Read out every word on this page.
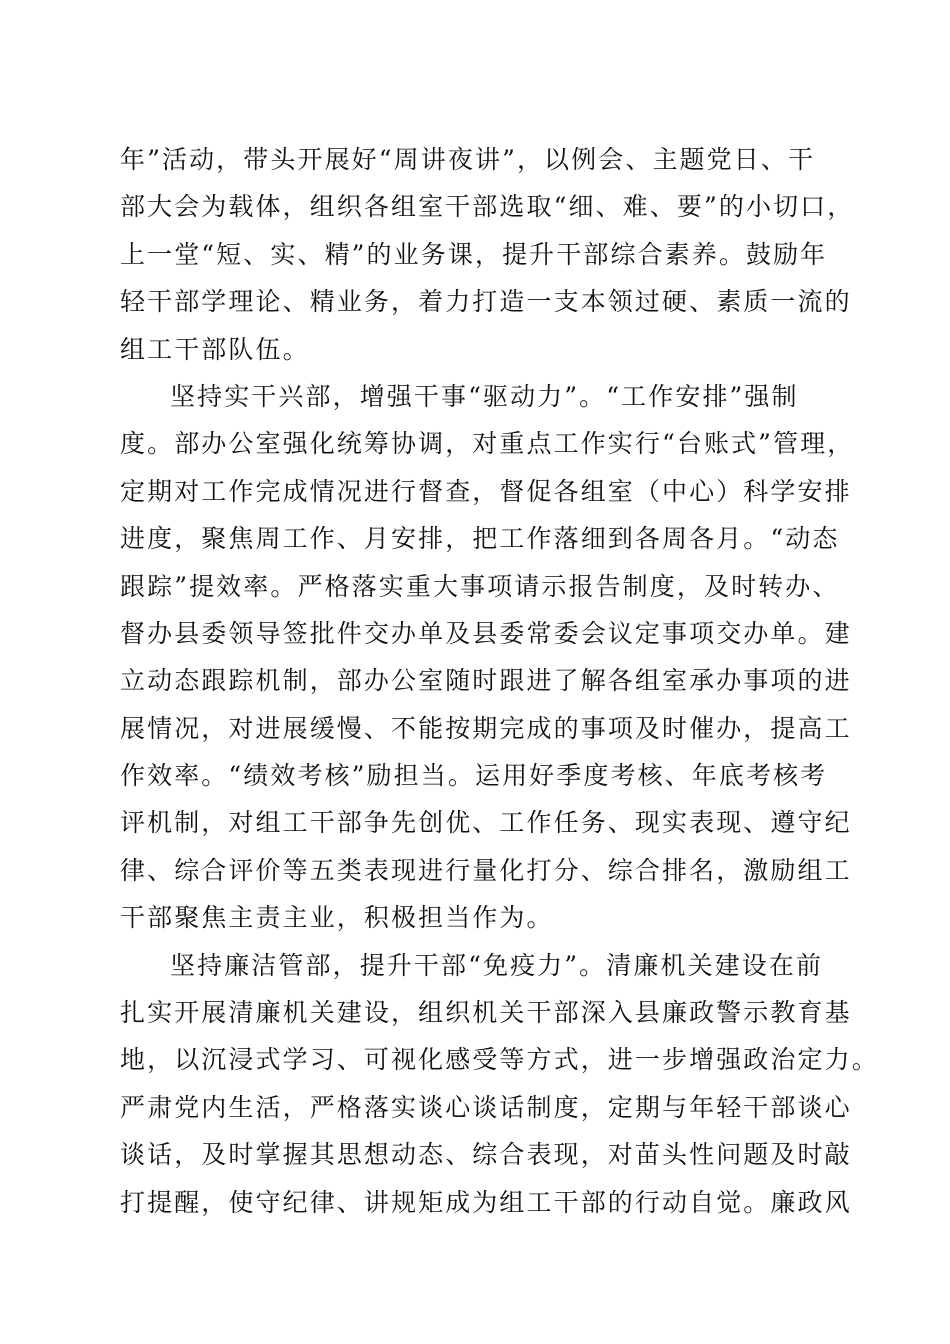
年”活动，带头开展好“周讲夜讲”，以例会、主题党日、干
部大会为载体，组织各组室干部选取“细、难、要”的小切口，
上一堂“短、实、精”的业务课，提升干部综合素养。鼓励年
轻干部学理论、精业务，着力打造一支本领过硬、素质一流的
组工干部队伍。
坚持实干兴部，增强干事“驱动力”。“工作安排”强制
度。部办公室强化统筹协调，对重点工作实行“台账式”管理，
定期对工作完成情况进行督查，督促各组室（中心）科学安排
进度，聚焦周工作、月安排，把工作落细到各周各月。“动态
跟踪”提效率。严格落实重大事项请示报告制度，及时转办、
督办县委领导签批件交办单及县委常委会议定事项交办单。建
立动态跟踪机制，部办公室随时跟进了解各组室承办事项的进
展情况，对进展缓慢、不能按期完成的事项及时催办，提高工
作效率。“绩效考核”励担当。运用好季度考核、年底考核考
评机制，对组工干部争先创优、工作任务、现实表现、遵守纪
律、综合评价等五类表现进行量化打分、综合排名，激励组工
干部聚焦主责主业，积极担当作为。
坚持廉洁管部，提升干部“免疫力”。清廉机关建设在前
扎实开展清廉机关建设，组织机关干部深入县廉政警示教育基
地，以沉浸式学习、可视化感受等方式，进一步增强政治定力。
严肃党内生活，严格落实谈心谈话制度，定期与年轻干部谈心
谈话，及时掌握其思想动态、综合表现，对苗头性问题及时敲
打提醒，使守纪律、讲规矩成为组工干部的行动自觉。廉政风
